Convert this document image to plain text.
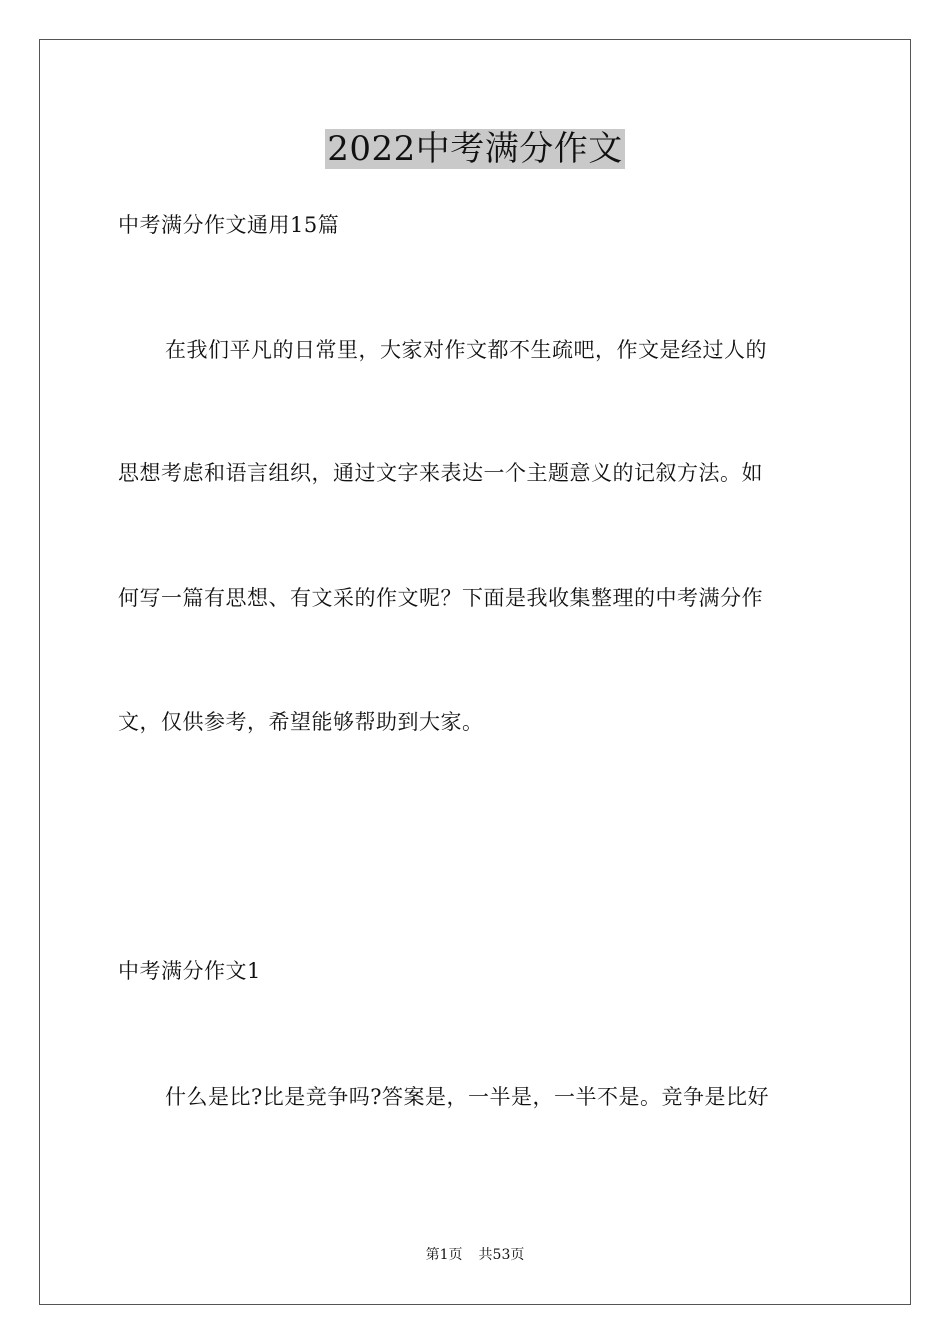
2022中考满分作文
中考满分作文通用15篇
在我们平凡的日常里，大家对作文都不生疏吧，作文是经过人的
思想考虑和语言组织，通过文字来表达一个主题意义的记叙方法。如
何写一篇有思想、有文采的作文呢？下面是我收集整理的中考满分作
文，仅供参考，希望能够帮助到大家。
中考满分作文1
什么是比?比是竞争吗?答案是，一半是，一半不是。竞争是比好
第1页 共53页
